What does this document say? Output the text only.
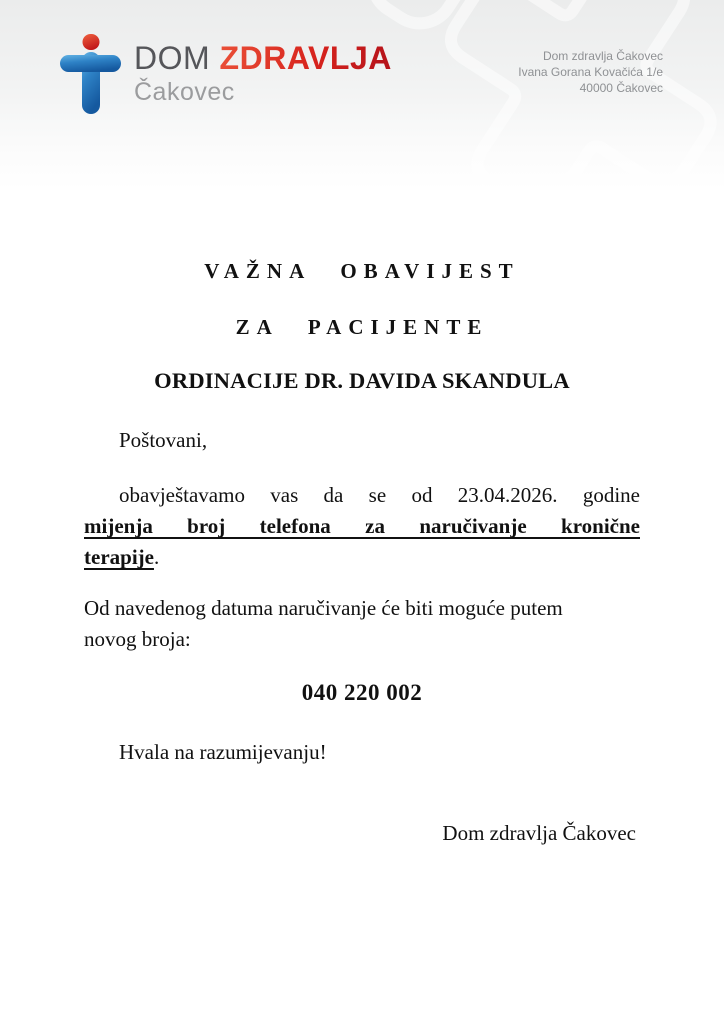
DOM ZDRAVLJA
Čakovec
Dom zdravlja Čakovec
Ivana Gorana Kovačića 1/e
40000 Čakovec
VAŽNA OBAVIJEST
ZA PACIJENTE
ORDINACIJE DR. DAVIDA SKANDULA

Poštovani,

obavještavamo vas da se od 23.04.2026. godine
mijenja broj telefona za naručivanje kronične
terapije.
Od navedenog datuma naručivanje će biti moguće putem
novog broja:
040 220 002

Hvala na razumijevanju!

Dom zdravlja Čakovec
